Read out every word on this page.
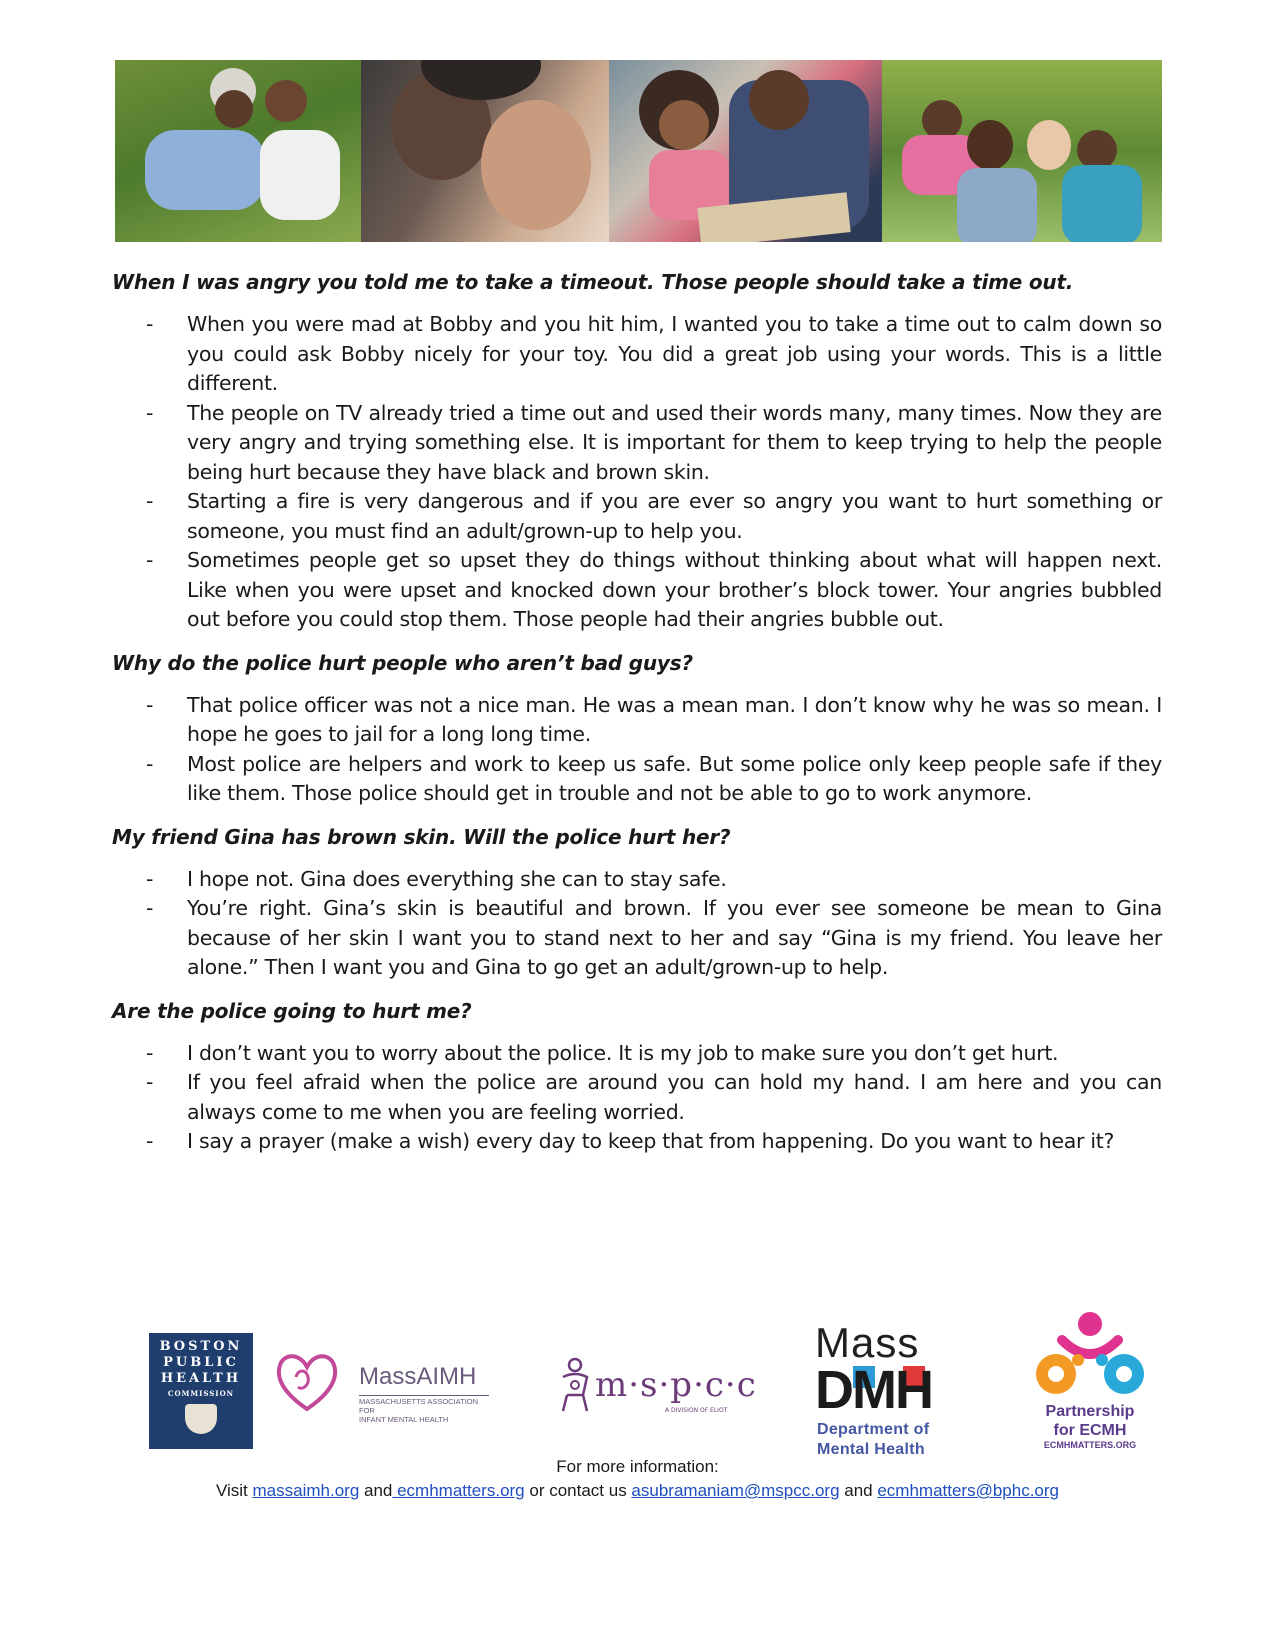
When I was angry you told me to take a timeout. Those people should take a time out.
- When you were mad at Bobby and you hit him, I wanted you to take a time out to calm down so you could ask Bobby nicely for your toy. You did a great job using your words. This is a little different.
- The people on TV already tried a time out and used their words many, many times. Now they are very angry and trying something else. It is important for them to keep trying to help the people being hurt because they have black and brown skin.
- Starting a fire is very dangerous and if you are ever so angry you want to hurt something or someone, you must find an adult/grown-up to help you.
- Sometimes people get so upset they do things without thinking about what will happen next. Like when you were upset and knocked down your brother’s block tower. Your angries bubbled out before you could stop them. Those people had their angries bubble out.
Why do the police hurt people who aren’t bad guys?
- That police officer was not a nice man. He was a mean man. I don’t know why he was so mean. I hope he goes to jail for a long long time.
- Most police are helpers and work to keep us safe. But some police only keep people safe if they like them. Those police should get in trouble and not be able to go to work anymore.
My friend Gina has brown skin. Will the police hurt her?
- I hope not. Gina does everything she can to stay safe.
- You’re right. Gina’s skin is beautiful and brown. If you ever see someone be mean to Gina because of her skin I want you to stand next to her and say “Gina is my friend. You leave her alone.” Then I want you and Gina to go get an adult/grown-up to help.
Are the police going to hurt me?
- I don’t want you to worry about the police. It is my job to make sure you don’t get hurt.
- If you feel afraid when the police are around you can hold my hand. I am here and you can always come to me when you are feeling worried.
- I say a prayer (make a wish) every day to keep that from happening. Do you want to hear it?
BOSTON
PUBLIC
HEALTH
COMMISSION
MassAIMH
MASSACHUSETTS ASSOCIATION FOR
INFANT MENTAL HEALTH
m·s·p·c·c
A DIVISION OF ELIOT
Mass
DMH
Department of
Mental Health
Partnership
for ECMH
ECMHMATTERS.ORG
For more information:
Visit massaimh.org and ecmhmatters.org or contact us asubramaniam@mspcc.org and ecmhmatters@bphc.org
